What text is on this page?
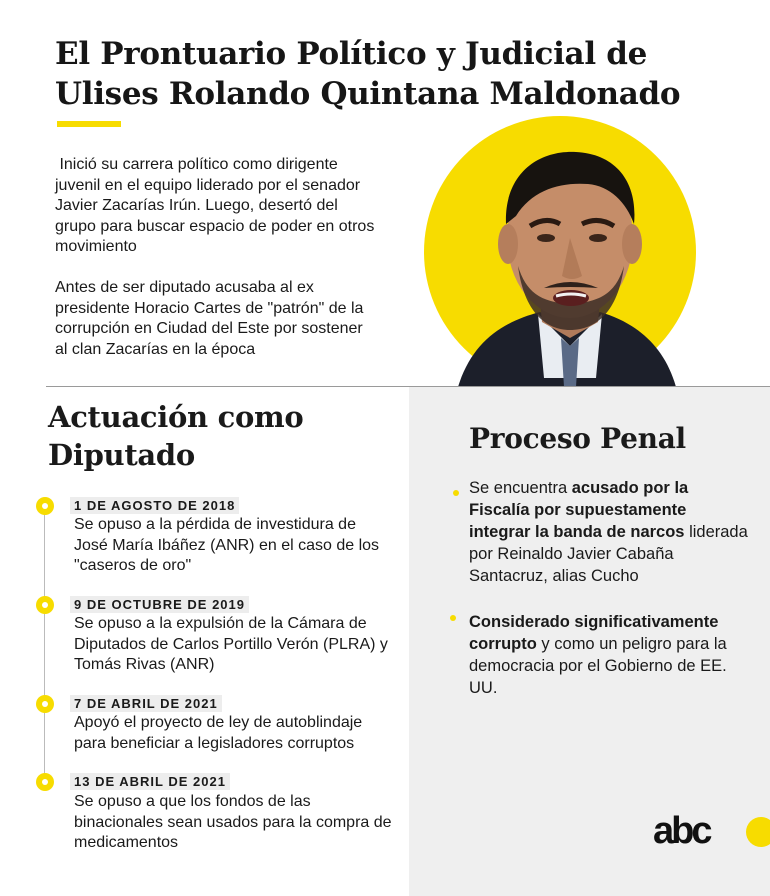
El Prontuario Político y Judicial de
Ulises Rolando Quintana Maldonado

Inició su carrera político como dirigente juvenil en el equipo liderado por el senador Javier Zacarías Irún. Luego, desertó del grupo para buscar espacio de poder en otros movimiento

Antes de ser diputado acusaba al ex presidente Horacio Cartes de "patrón" de la corrupción en Ciudad del Este por sostener al clan Zacarías en la época

Actuación como
Diputado
1 DE AGOSTO DE 2018

Se opuso a la pérdida de investidura de José María Ibáñez (ANR) en el caso de los "caseros de oro"

9 DE OCTUBRE DE 2019

Se opuso a la expulsión de la Cámara de Diputados de Carlos Portillo Verón (PLRA) y Tomás Rivas (ANR)

7 DE ABRIL DE 2021

Apoyó el proyecto de ley de autoblindaje para beneficiar a legisladores corruptos

13 DE ABRIL DE 2021

Se opuso a que los fondos de las binacionales sean usados para la compra de medicamentos

Proceso Penal

Se encuentra acusado por la Fiscalía por supuestamente integrar la banda de narcos liderada por Reinaldo Javier Cabaña Santacruz, alias Cucho

Considerado significativamente corrupto y como un peligro para la democracia por el Gobierno de EE. UU.

abc
